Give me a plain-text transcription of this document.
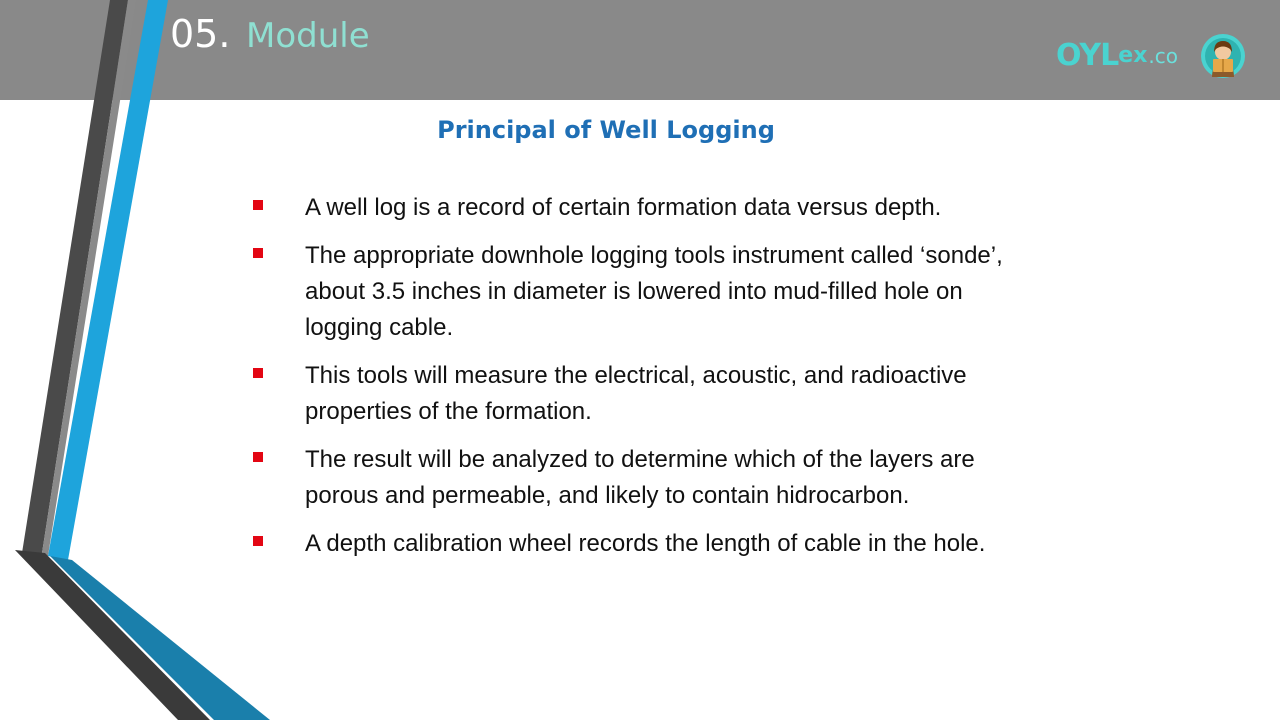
05. Module	OYL ex .co
Principal of Well Logging
A well log is a record of certain formation data versus depth.
The appropriate downhole logging tools instrument called ‘sonde’, about 3.5 inches in diameter is lowered into mud-filled hole on logging cable.
This tools will measure the electrical, acoustic, and radioactive properties of the formation.
The result will be analyzed to determine which of the layers are porous and permeable, and likely to contain hidrocarbon.
A depth calibration wheel records the length of cable in the hole.
